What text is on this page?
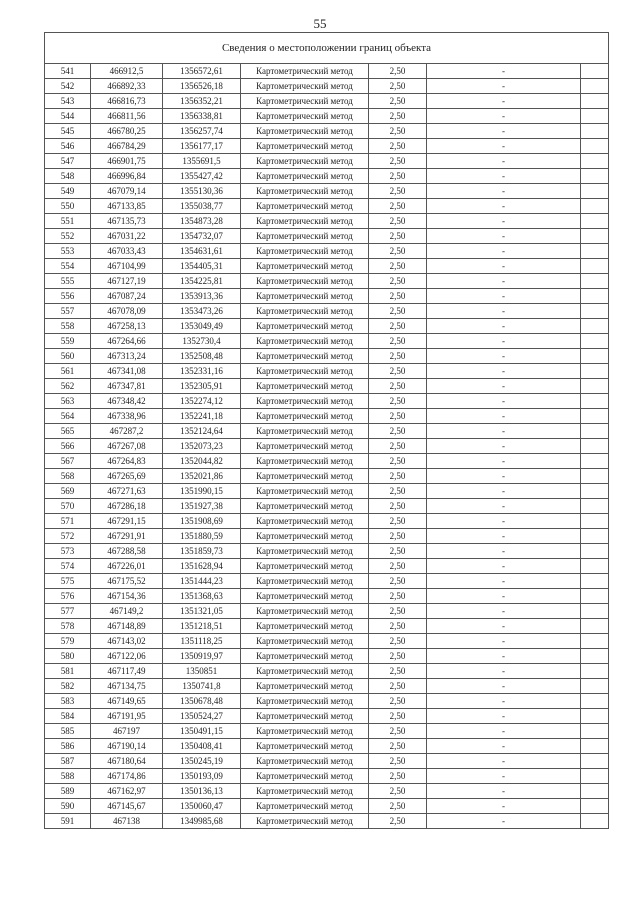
55
Сведения о местоположении границ объекта						
541	466912,5	1356572,61	Картометрический метод	2,50	-	
542	466892,33	1356526,18	Картометрический метод	2,50	-	
543	466816,73	1356352,21	Картометрический метод	2,50	-	
544	466811,56	1356338,81	Картометрический метод	2,50	-	
545	466780,25	1356257,74	Картометрический метод	2,50	-	
546	466784,29	1356177,17	Картометрический метод	2,50	-	
547	466901,75	1355691,5	Картометрический метод	2,50	-	
548	466996,84	1355427,42	Картометрический метод	2,50	-	
549	467079,14	1355130,36	Картометрический метод	2,50	-	
550	467133,85	1355038,77	Картометрический метод	2,50	-	
551	467135,73	1354873,28	Картометрический метод	2,50	-	
552	467031,22	1354732,07	Картометрический метод	2,50	-	
553	467033,43	1354631,61	Картометрический метод	2,50	-	
554	467104,99	1354405,31	Картометрический метод	2,50	-	
555	467127,19	1354225,81	Картометрический метод	2,50	-	
556	467087,24	1353913,36	Картометрический метод	2,50	-	
557	467078,09	1353473,26	Картометрический метод	2,50	-	
558	467258,13	1353049,49	Картометрический метод	2,50	-	
559	467264,66	1352730,4	Картометрический метод	2,50	-	
560	467313,24	1352508,48	Картометрический метод	2,50	-	
561	467341,08	1352331,16	Картометрический метод	2,50	-	
562	467347,81	1352305,91	Картометрический метод	2,50	-	
563	467348,42	1352274,12	Картометрический метод	2,50	-	
564	467338,96	1352241,18	Картометрический метод	2,50	-	
565	467287,2	1352124,64	Картометрический метод	2,50	-	
566	467267,08	1352073,23	Картометрический метод	2,50	-	
567	467264,83	1352044,82	Картометрический метод	2,50	-	
568	467265,69	1352021,86	Картометрический метод	2,50	-	
569	467271,63	1351990,15	Картометрический метод	2,50	-	
570	467286,18	1351927,38	Картометрический метод	2,50	-	
571	467291,15	1351908,69	Картометрический метод	2,50	-	
572	467291,91	1351880,59	Картометрический метод	2,50	-	
573	467288,58	1351859,73	Картометрический метод	2,50	-	
574	467226,01	1351628,94	Картометрический метод	2,50	-	
575	467175,52	1351444,23	Картометрический метод	2,50	-	
576	467154,36	1351368,63	Картометрический метод	2,50	-	
577	467149,2	1351321,05	Картометрический метод	2,50	-	
578	467148,89	1351218,51	Картометрический метод	2,50	-	
579	467143,02	1351118,25	Картометрический метод	2,50	-	
580	467122,06	1350919,97	Картометрический метод	2,50	-	
581	467117,49	1350851	Картометрический метод	2,50	-	
582	467134,75	1350741,8	Картометрический метод	2,50	-	
583	467149,65	1350678,48	Картометрический метод	2,50	-	
584	467191,95	1350524,27	Картометрический метод	2,50	-	
585	467197	1350491,15	Картометрический метод	2,50	-	
586	467190,14	1350408,41	Картометрический метод	2,50	-	
587	467180,64	1350245,19	Картометрический метод	2,50	-	
588	467174,86	1350193,09	Картометрический метод	2,50	-	
589	467162,97	1350136,13	Картометрический метод	2,50	-	
590	467145,67	1350060,47	Картометрический метод	2,50	-	
591	467138	1349985,68	Картометрический метод	2,50	-	
